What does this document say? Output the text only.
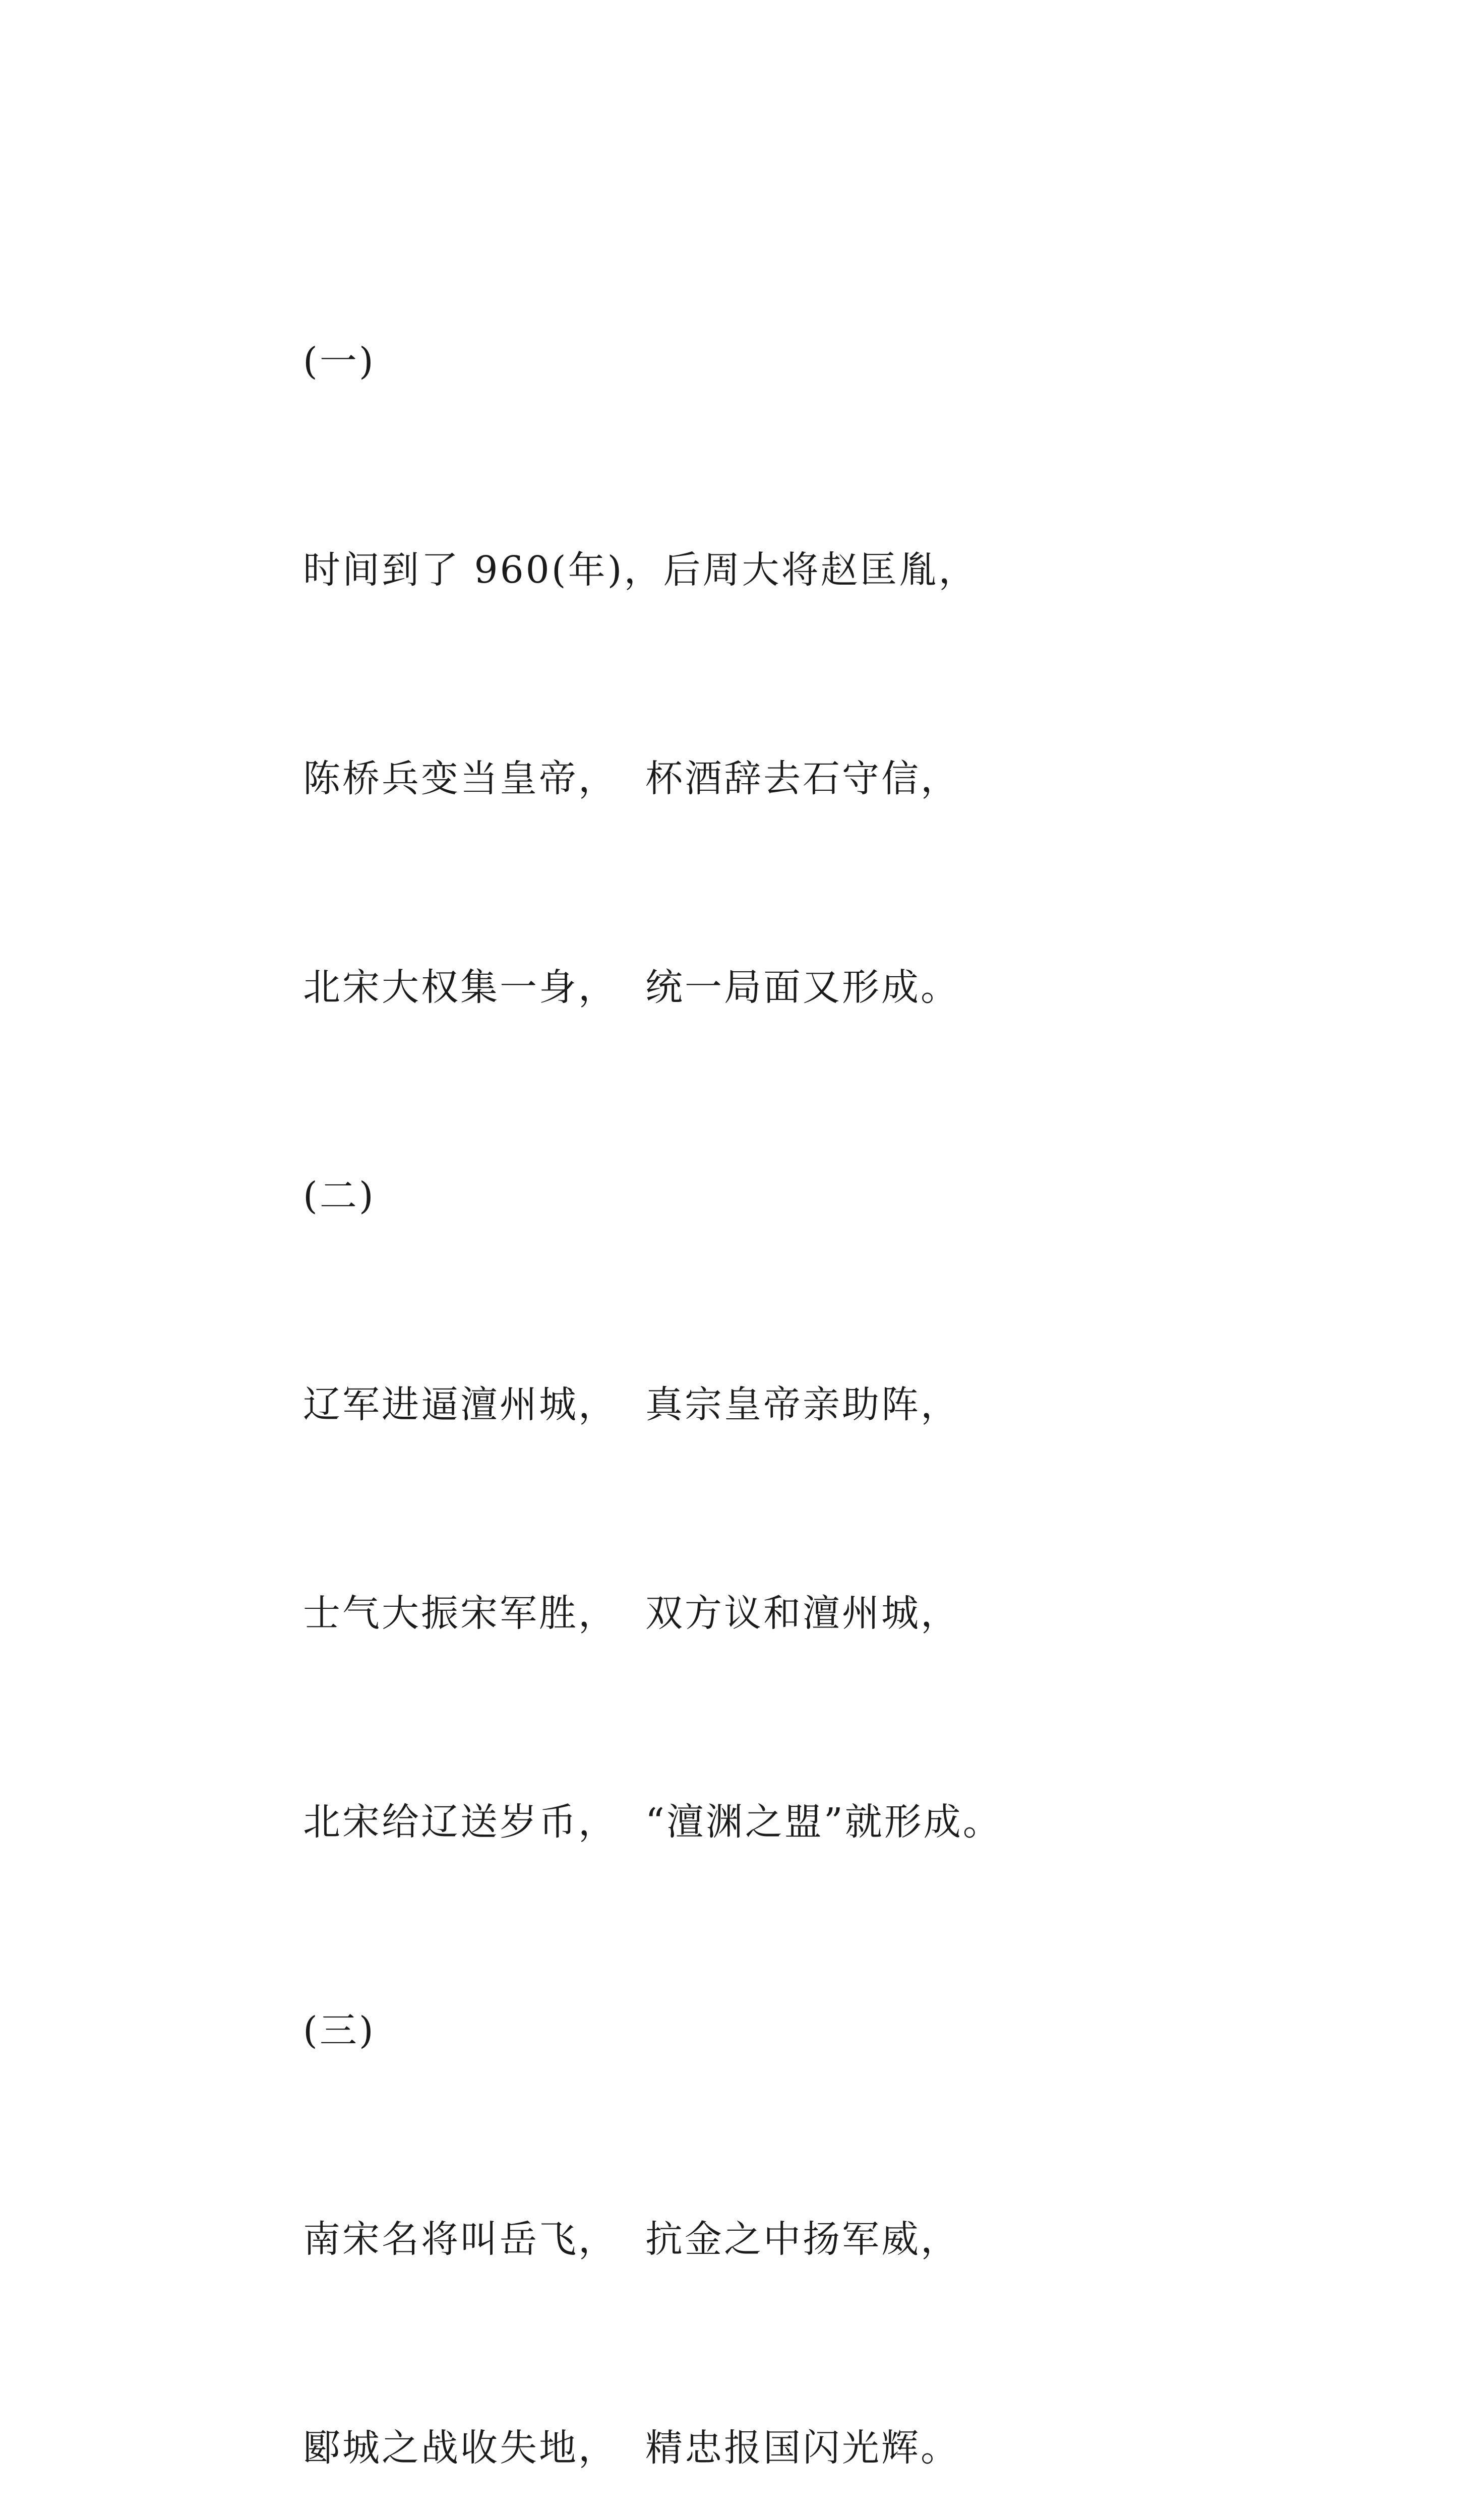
(一)

时间到了 960(年)，后周大将赵匡胤，

陈桥兵变当皇帝，  杯酒辞去石守信，

北宋大权集一身，  统一局面又形成。

(二)

辽军进逼澶州城，  真宗皇帝亲助阵，

士气大振宋军胜，  双方议和澶州城，

北宋给辽送岁币，  “澶渊之盟”就形成。

(三)

南宋名将叫岳飞，  抗金之中扬军威，

郾城之战收失地，  精忠报国闪光辉。
